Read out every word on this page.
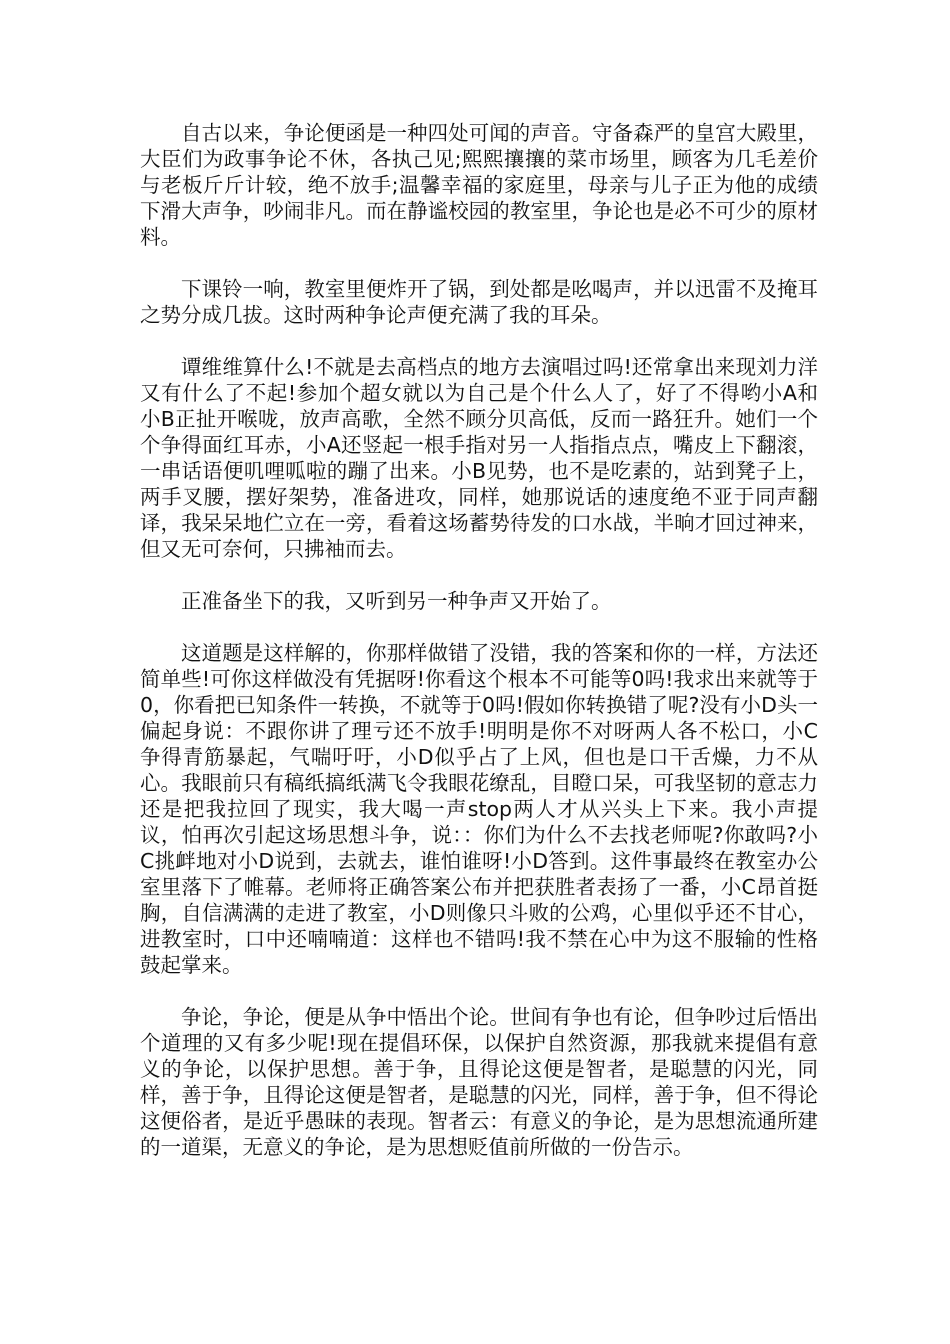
自古以来，争论便函是一种四处可闻的声音。守备森严的皇宫大殿里，大臣们为政事争论不休，各执己见;熙熙攘攘的菜市场里，顾客为几毛差价与老板斤斤计较，绝不放手;温馨幸福的家庭里，母亲与儿子正为他的成绩下滑大声争，吵闹非凡。而在静谧校园的教室里，争论也是必不可少的原材料。

下课铃一响，教室里便炸开了锅，到处都是吆喝声，并以迅雷不及掩耳之势分成几拔。这时两种争论声便充满了我的耳朵。

谭维维算什么!不就是去高档点的地方去演唱过吗!还常拿出来现刘力洋又有什么了不起!参加个超女就以为自己是个什么人了，好了不得哟小A和小B正扯开喉咙，放声高歌，全然不顾分贝高低，反而一路狂升。她们一个个争得面红耳赤，小A还竖起一根手指对另一人指指点点，嘴皮上下翻滚，一串话语便叽哩呱啦的蹦了出来。小B见势，也不是吃素的，站到凳子上，两手叉腰，摆好架势，准备进攻，同样，她那说话的速度绝不亚于同声翻译，我呆呆地伫立在一旁，看着这场蓄势待发的口水战，半晌才回过神来，但又无可奈何，只拂袖而去。

正准备坐下的我，又听到另一种争声又开始了。

这道题是这样解的，你那样做错了没错，我的答案和你的一样，方法还简单些!可你这样做没有凭据呀!你看这个根本不可能等0吗!我求出来就等于0，你看把已知条件一转换，不就等于0吗!假如你转换错了呢?没有小D头一偏起身说：不跟你讲了理亏还不放手!明明是你不对呀两人各不松口，小C争得青筋暴起，气喘吁吁，小D似乎占了上风，但也是口干舌燥，力不从心。我眼前只有稿纸搞纸满飞令我眼花缭乱，目瞪口呆，可我坚韧的意志力还是把我拉回了现实，我大喝一声stop两人才从兴头上下来。我小声提议，怕再次引起这场思想斗争，说：：你们为什么不去找老师呢?你敢吗?小C挑衅地对小D说到，去就去，谁怕谁呀!小D答到。这件事最终在教室办公室里落下了帷幕。老师将正确答案公布并把获胜者表扬了一番，小C昂首挺胸，自信满满的走进了教室，小D则像只斗败的公鸡，心里似乎还不甘心，进教室时，口中还喃喃道：这样也不错吗!我不禁在心中为这不服输的性格鼓起掌来。

争论，争论，便是从争中悟出个论。世间有争也有论，但争吵过后悟出个道理的又有多少呢!现在提倡环保，以保护自然资源，那我就来提倡有意义的争论，以保护思想。善于争，且得论这便是智者，是聪慧的闪光，同样，善于争，且得论这便是智者，是聪慧的闪光，同样，善于争，但不得论这便俗者，是近乎愚昧的表现。智者云：有意义的争论，是为思想流通所建的一道渠，无意义的争论，是为思想贬值前所做的一份告示。
